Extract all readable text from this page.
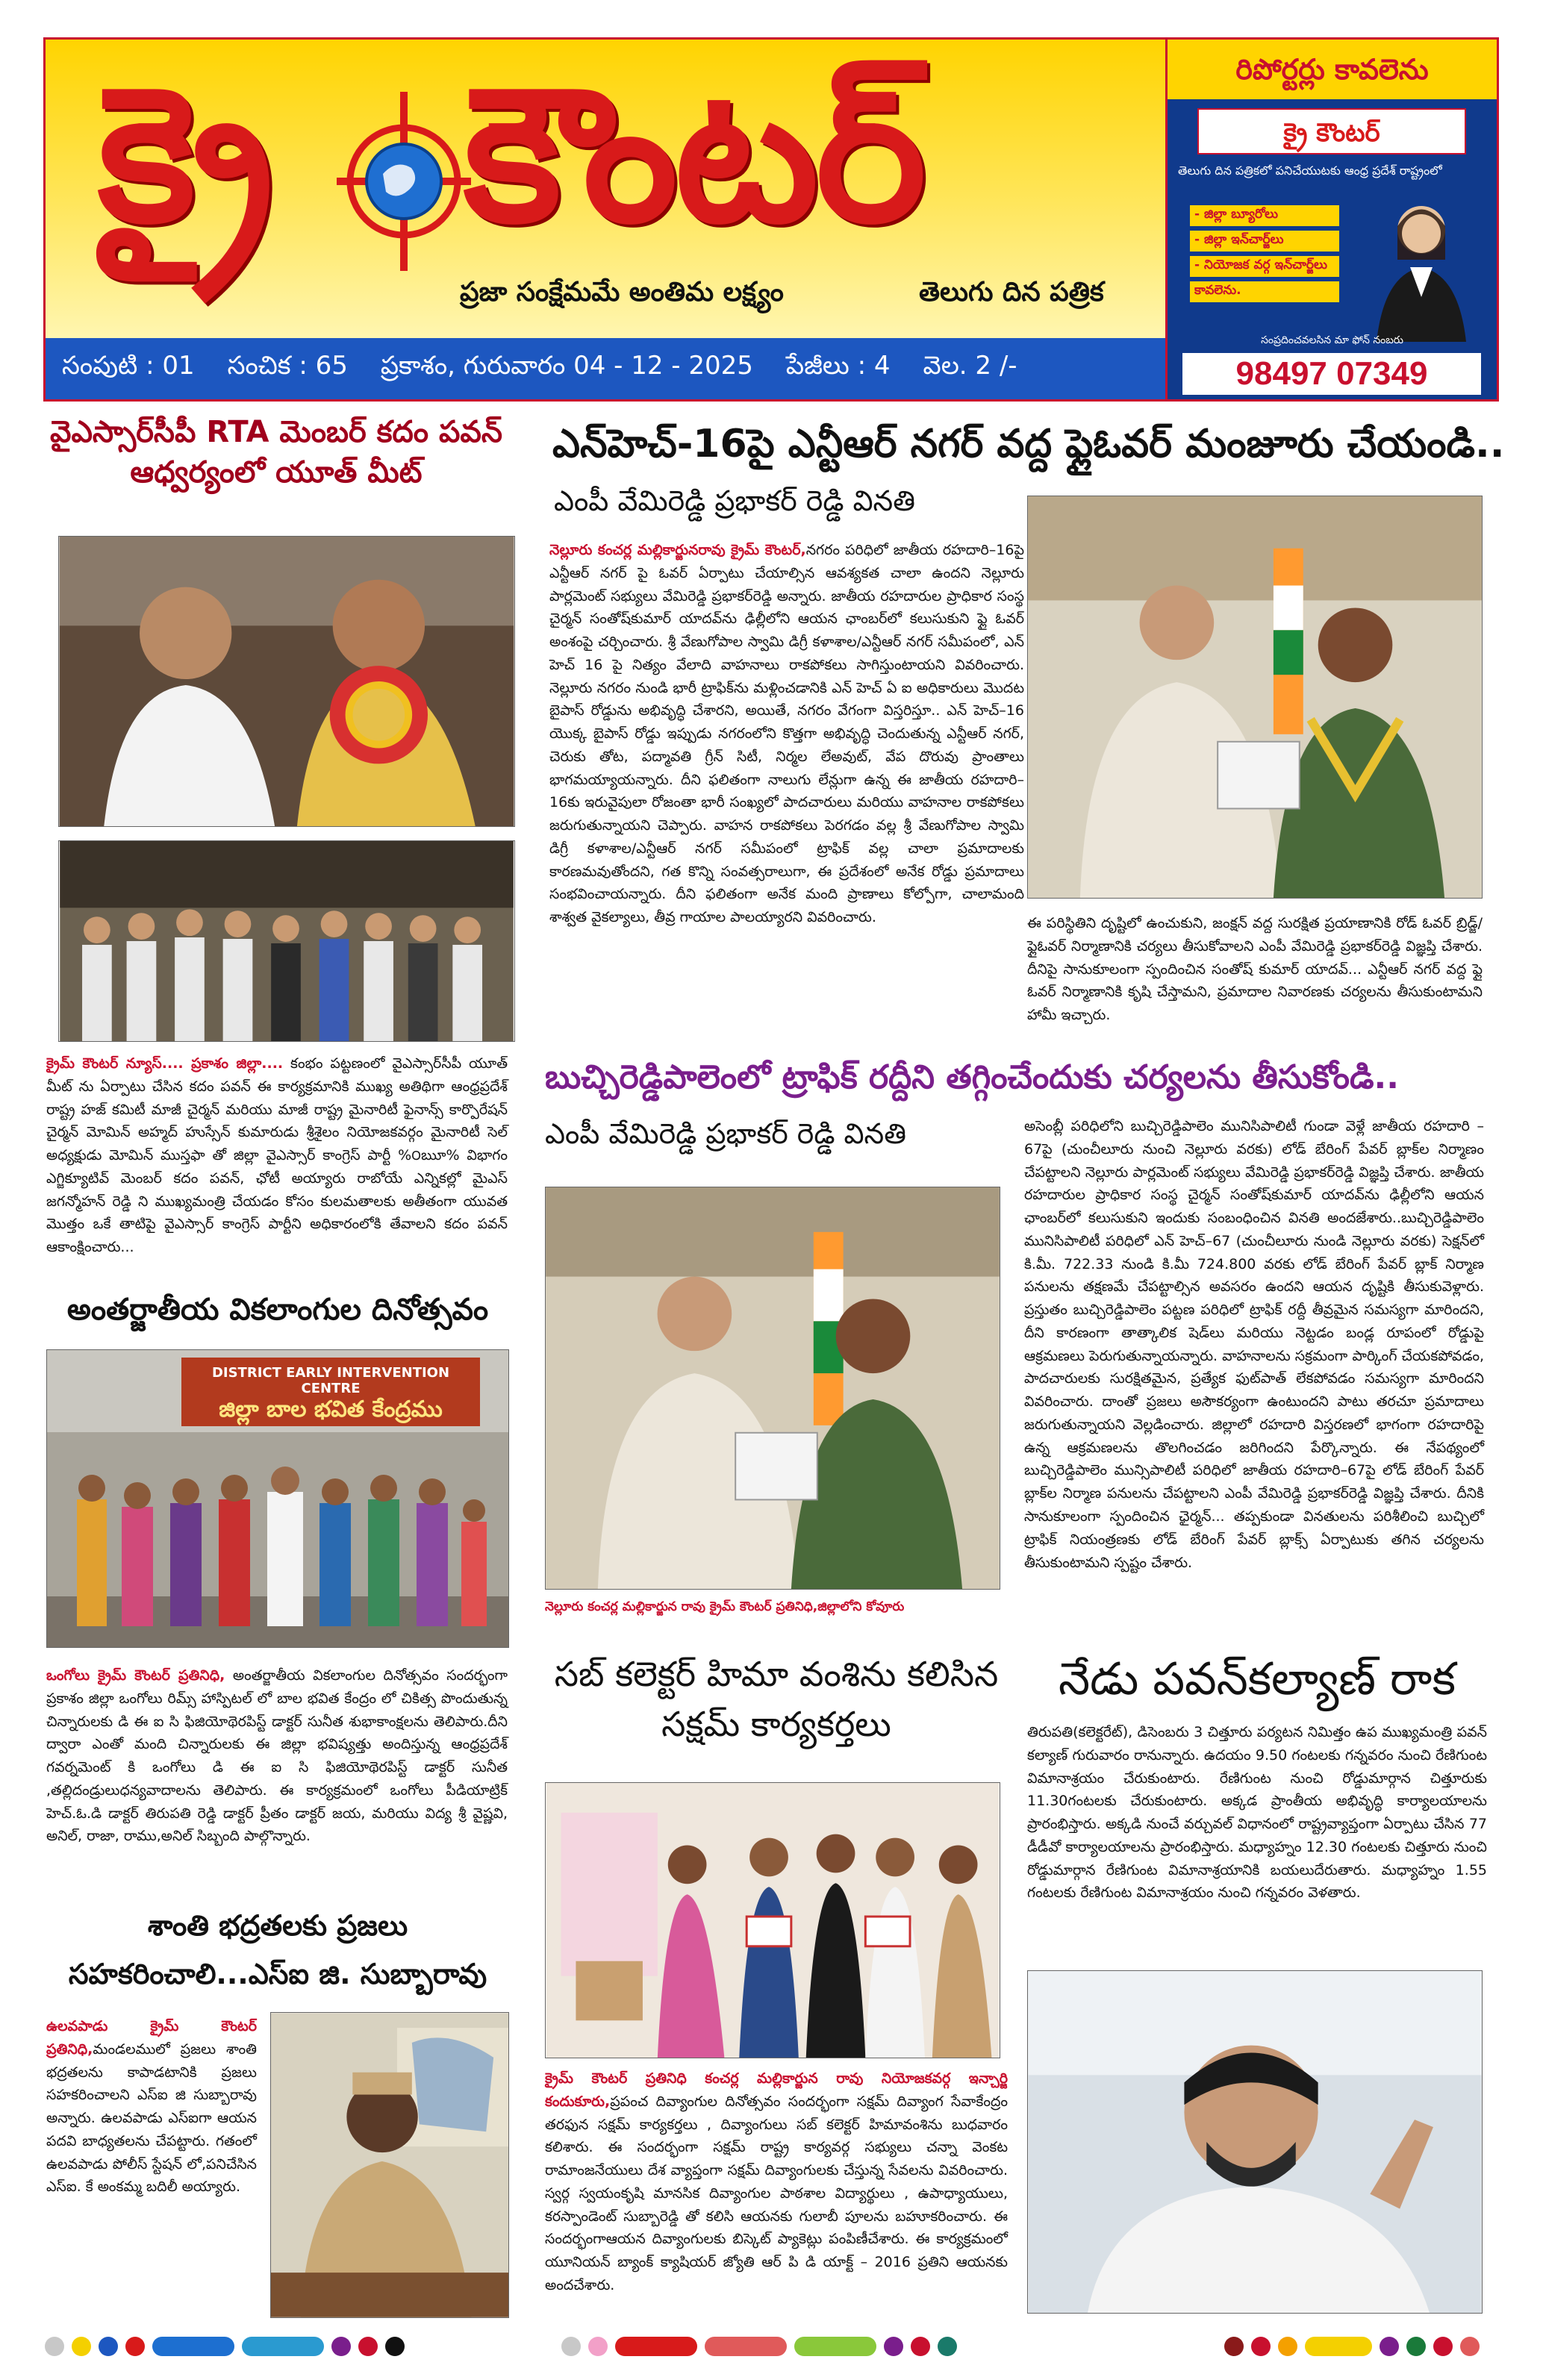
క్రై కౌంటర్
ప్రజా సంక్షేమమే అంతిమ లక్ష్యం	తెలుగు దిన పత్రిక
సంపుటి : 01	సంచిక : 65	ప్రకాశం, గురువారం 04 - 12 - 2025	పేజీలు : 4	వెల. 2 /-
రిపోర్టర్లు కావలెను
క్రై కౌంటర్
తెలుగు దిన పత్రికలో పనిచేయుటకు ఆంధ్ర ప్రదేశ్ రాష్ట్రంలో
- జిల్లా బ్యూరోలు
- జిల్లా ఇన్‌చార్జ్‌లు
- నియోజక వర్గ ఇన్‌చార్జ్‌లు
కావలెను.
సంప్రదించవలసిన మా ఫోన్ నంబరు
98497 07349
వైఎస్సార్‌సీపీ RTA మెంబర్ కదం పవన్ ఆధ్వర్యంలో యూత్ మీట్
క్రైమ్ కౌంటర్ న్యూస్.... ప్రకాశం జిల్లా.... కంభం పట్టణంలో వైఎస్సార్‌సీపీ యూత్ మీట్ ను ఏర్పాటు చేసిన కదం పవన్ ఈ కార్యక్రమానికి ముఖ్య అతిథిగా ఆంధ్రప్రదేశ్ రాష్ట్ర హజ్ కమిటీ మాజీ చైర్మన్ మరియు మాజీ రాష్ట్ర మైనారిటీ ఫైనాన్స్ కార్పొరేషన్ చైర్మన్ మోమిన్ అహ్మద్ హుస్సేన్ కుమారుడు శ్రీశైలం నియోజకవర్గం మైనారిటీ సెల్ అధ్యక్షుడు మోమిన్ ముస్తఫా తో జిల్లా వైఎస్సార్ కాంగ్రెస్ పార్టీ %౦ౠ% విభాగం ఎగ్జిక్యూటివ్ మెంబర్ కదం పవన్, ఛోటీ అయ్యారు రాబోయే ఎన్నికల్లో మైఎస్ జగన్మోహన్ రెడ్డి ని ముఖ్యమంత్రి చేయడం కోసం కులమతాలకు అతీతంగా యువత మొత్తం ఒకే తాటిపై వైఎస్సార్ కాంగ్రెస్ పార్టీని అధికారంలోకి తేవాలని కదం పవన్ ఆకాంక్షించారు...
అంతర్జాతీయ వికలాంగుల దినోత్సవం
DISTRICT EARLY INTERVENTION CENTRE
జిల్లా బాల భవిత కేంద్రము
ఒంగోలు క్రైమ్ కౌంటర్ ప్రతినిధి, అంతర్జాతీయ వికలాంగుల దినోత్సవం సందర్భంగా ప్రకాశం జిల్లా ఒంగోలు రిమ్స్ హాస్పిటల్ లో బాల భవిత కేంద్రం లో చికిత్స పొందుతున్న చిన్నారులకు డి ఈ ఐ సి ఫిజియోథెరపిస్ట్ డాక్టర్ సునీత శుభాకాంక్షలను తెలిపారు.దీని ద్వారా ఎంతో మంది చిన్నారులకు ఈ జిల్లా భవిష్యత్తు అందిస్తున్న ఆంధ్రప్రదేశ్ గవర్నమెంట్ కి ఒంగోలు డి ఈ ఐ సి ఫిజియోథెరపిస్ట్ డాక్టర్ సునీత ,తల్లిదండ్రులుధన్యవాదాలను తెలిపారు. ఈ కార్యక్రమంలో ఒంగోలు పీడియాట్రిక్ హెచ్.ఓ.డి డాక్టర్ తిరుపతి రెడ్డి డాక్టర్ ప్రీతం డాక్టర్ జయ, మరియు విద్య శ్రీ వైష్ణవి, అనిల్, రాజా, రాము,అనిల్ సిబ్బంది పాల్గొన్నారు.
శాంతి భద్రతలకు ప్రజలు సహకరించాలి...ఎస్ఐ జి. సుబ్బారావు
ఉలవపాడు క్రైమ్ కౌంటర్ ప్రతినిధి,మండలములో ప్రజలు శాంతి భద్రతలను కాపాడటానికి ప్రజలు సహకరించాలని ఎస్ఐ జి సుబ్బారావు అన్నారు. ఉలవపాడు ఎస్ఐగా ఆయన పదవి బాధ్యతలను చేపట్టారు. గతంలో ఉలవపాడు పోలీస్ స్టేషన్ లో,పనిచేసిన ఎస్ఐ. కే అంకమ్మ బదిలీ అయ్యారు.
ఎన్‌హెచ్-16పై ఎన్టీఆర్ నగర్ వద్ద ఫ్లైఓవర్ మంజూరు చేయండి..
ఎంపీ వేమిరెడ్డి ప్రభాకర్ రెడ్డి వినతి
నెల్లూరు కంచర్ల మల్లికార్జునరావు క్రైమ్ కౌంటర్,నగరం పరిధిలో జాతీయ రహదారి–16పై ఎన్టీఆర్ నగర్ పై ఓవర్ ఏర్పాటు చేయాల్సిన ఆవశ్యకత చాలా ఉందని నెల్లూరు పార్లమెంట్ సభ్యులు వేమిరెడ్డి ప్రభాకర్‌రెడ్డి అన్నారు. జాతీయ రహదారుల ప్రాధికార సంస్థ చైర్మన్ సంతోష్‌కుమార్ యాదవ్‌ను ఢిల్లీలోని ఆయన ఛాంబర్‌లో కలుసుకుని ఫ్లై ఓవర్ అంశంపై చర్చించారు. శ్రీ వేణుగోపాల స్వామి డిగ్రీ కళాశాల/ఎన్టీఆర్ నగర్ సమీపంలో, ఎన్ హెచ్ 16 పై నిత్యం వేలాది వాహనాలు రాకపోకలు సాగిస్తుంటాయని వివరించారు. నెల్లూరు నగరం నుండి భారీ ట్రాఫిక్‌ను మళ్లించడానికి ఎన్ హెచ్ ఏ ఐ అధికారులు మొదట బైపాస్ రోడ్డును అభివృద్ధి చేశారని, అయితే, నగరం వేగంగా విస్తరిస్తూ.. ఎన్ హెచ్–16 యొక్క బైపాస్ రోడ్డు ఇప్పుడు నగరంలోని కొత్తగా అభివృద్ధి చెందుతున్న ఎన్టీఆర్ నగర్, చెరుకు తోట, పద్మావతి గ్రీన్ సిటీ, నిర్మల లేఅవుట్, వేప దొరువు ప్రాంతాలు భాగమయ్యాయన్నారు. దీని ఫలితంగా నాలుగు లేన్లుగా ఉన్న ఈ జాతీయ రహదారి–16కు ఇరువైపులా రోజంతా భారీ సంఖ్యలో పాదచారులు మరియు వాహనాల రాకపోకలు జరుగుతున్నాయని చెప్పారు. వాహన రాకపోకలు పెరగడం వల్ల శ్రీ వేణుగోపాల స్వామి డిగ్రీ కళాశాల/ఎన్టీఆర్ నగర్ సమీపంలో ట్రాఫిక్ వల్ల చాలా ప్రమాదాలకు కారణమవుతోందని, గత కొన్ని సంవత్సరాలుగా, ఈ ప్రదేశంలో అనేక రోడ్డు ప్రమాదాలు సంభవించాయన్నారు. దీని ఫలితంగా అనేక మంది ప్రాణాలు కోల్పోగా, చాలామంది శాశ్వత వైకల్యాలు, తీవ్ర గాయాల పాలయ్యారని వివరించారు.	ఈ పరిస్థితిని దృష్టిలో ఉంచుకుని, జంక్షన్ వద్ద సురక్షిత ప్రయాణానికి రోడ్ ఓవర్ బ్రిడ్జ్/ఫ్లైఓవర్ నిర్మాణానికి చర్యలు తీసుకోవాలని ఎంపీ వేమిరెడ్డి ప్రభాకర్‌రెడ్డి విజ్ఞప్తి చేశారు. దీనిపై సానుకూలంగా స్పందించిన సంతోష్ కుమార్ యాదవ్... ఎన్టీఆర్ నగర్ వద్ద ఫ్లై ఓవర్ నిర్మాణానికి కృషి చేస్తామని, ప్రమాదాల నివారణకు చర్యలను తీసుకుంటామని హామీ ఇచ్చారు.
బుచ్చిరెడ్డిపాలెంలో ట్రాఫిక్ రద్దీని తగ్గించేందుకు చర్యలను తీసుకోండి..
ఎంపీ వేమిరెడ్డి ప్రభాకర్ రెడ్డి వినతి
నెల్లూరు కంచర్ల మల్లికార్జున రావు క్రైమ్ కౌంటర్ ప్రతినిధి,జిల్లాలోని కోవూరు
అసెంబ్లీ పరిధిలోని బుచ్చిరెడ్డిపాలెం మునిసిపాలిటీ గుండా వెళ్లే జాతీయ రహదారి –67పై (చుంచీలూరు నుంచి నెల్లూరు వరకు) లోడ్ బేరింగ్ పేవర్ బ్లాక్‌ల నిర్మాణం చేపట్టాలని నెల్లూరు పార్లమెంట్ సభ్యులు వేమిరెడ్డి ప్రభాకర్‌రెడ్డి విజ్ఞప్తి చేశారు. జాతీయ రహదారుల ప్రాధికార సంస్థ చైర్మన్ సంతోష్‌కుమార్ యాదవ్‌ను ఢిల్లీలోని ఆయన ఛాంబర్‌లో కలుసుకుని ఇందుకు సంబంధించిన వినతి అందజేశారు..బుచ్చిరెడ్డిపాలెం మునిసిపాలిటీ పరిధిలో ఎన్ హెచ్–67 (చుంచీలూరు నుండి నెల్లూరు వరకు) సెక్షన్‌లో కి.మీ. 722.33 నుండి కి.మీ 724.800 వరకు లోడ్ బేరింగ్ పేవర్ బ్లాక్ నిర్మాణ పనులను తక్షణమే చేపట్టాల్సిన అవసరం ఉందని ఆయన దృష్టికి తీసుకువెళ్లారు. ప్రస్తుతం బుచ్చిరెడ్డిపాలెం పట్టణ పరిధిలో ట్రాఫిక్ రద్దీ తీవ్రమైన సమస్యగా మారిందని, దీని కారణంగా తాత్కాలిక షెడ్‌లు మరియు నెట్టడం బండ్ల రూపంలో రోడ్డుపై ఆక్రమణలు పెరుగుతున్నాయన్నారు. వాహనాలను సక్రమంగా పార్కింగ్ చేయకపోవడం, పాదచారులకు సురక్షితమైన, ప్రత్యేక ఫుట్‌పాత్ లేకపోవడం సమస్యగా మారిందని వివరించారు. దాంతో ప్రజలు అసౌకర్యంగా ఉంటుందని పాటు తరచూ ప్రమాదాలు జరుగుతున్నాయని వెల్లడించారు. జిల్లాలో రహదారి విస్తరణలో భాగంగా రహదారిపై ఉన్న ఆక్రమణలను తొలగించడం జరిగిందని పేర్కొన్నారు. ఈ నేపథ్యంలో బుచ్చిరెడ్డిపాలెం మున్సిపాలిటీ పరిధిలో జాతీయ రహదారి–67పై లోడ్ బేరింగ్ పేవర్ బ్లాక్‌ల నిర్మాణ పనులను చేపట్టాలని ఎంపీ వేమిరెడ్డి ప్రభాకర్‌రెడ్డి విజ్ఞప్తి చేశారు. దీనికి సానుకూలంగా స్పందించిన ఛైర్మన్... తప్పకుండా వినతులను పరిశీలించి బుచ్చిలో ట్రాఫిక్ నియంత్రణకు లోడ్ బేరింగ్ పేవర్ బ్లాక్స్ ఏర్పాటుకు తగిన చర్యలను తీసుకుంటామని స్పష్టం చేశారు.
సబ్ కలెక్టర్ హిమా వంశిను కలిసిన సక్షమ్ కార్యకర్తలు
క్రైమ్ కౌంటర్ ప్రతినిధి కంచర్ల మల్లికార్జున రావు నియోజకవర్గ ఇన్చార్జి కందుకూరు,ప్రపంచ దివ్యాంగుల దినోత్సవం సందర్భంగా సక్షమ్ దివ్యాంగ సేవాకేంద్రం తరఫున సక్షమ్ కార్యకర్తలు , దివ్యాంగులు సబ్ కలెక్టర్ హిమావంశిను బుధవారం కలిశారు. ఈ సందర్భంగా సక్షమ్ రాష్ట్ర కార్యవర్గ సభ్యులు చన్నా వెంకట రామాంజనేయులు దేశ వ్యాప్తంగా సక్షమ్ దివ్యాంగులకు చేస్తున్న సేవలను వివరించారు. స్వర్గ స్వయంకృషి మానసిక దివ్యాంగుల పాఠశాల విద్యార్థులు , ఉపాధ్యాయులు, కరస్పాండెంట్ సుబ్బారెడ్డి తో కలిసి ఆయనకు గులాబీ పూలను బహూకరించారు. ఈ సందర్భంగాఆయన దివ్యాంగులకు బిస్కెట్ ప్యాకెట్లు పంపిణీచేశారు. ఈ కార్యక్రమంలో యూనియన్ బ్యాంక్ క్యాషియర్ జ్యోతి ఆర్ పి డి యాక్ట్ – 2016 ప్రతిని ఆయనకు అందచేశారు.
నేడు పవన్‌కల్యాణ్ రాక
తిరుపతి(కలెక్టరేట్), డిసెంబరు 3 చిత్తూరు పర్యటన నిమిత్తం ఉప ముఖ్యమంత్రి పవన్ కల్యాణ్ గురువారం రానున్నారు. ఉదయం 9.50 గంటలకు గన్నవరం నుంచి రేణిగుంట విమానాశ్రయం చేరుకుంటారు. రేణిగుంట నుంచి రోడ్డుమార్గాన చిత్తూరుకు 11.30గంటలకు చేరుకుంటారు. అక్కడ ప్రాంతీయ అభివృద్ధి కార్యాలయాలను ప్రారంభిస్తారు. అక్కడి నుంచే వర్చువల్ విధానంలో రాష్ట్రవ్యాప్తంగా ఏర్పాటు చేసిన 77 డీడీవో కార్యాలయాలను ప్రారంభిస్తారు. మధ్యాహ్నం 12.30 గంటలకు చిత్తూరు నుంచి రోడ్డుమార్గాన రేణిగుంట విమానాశ్రయానికి బయలుదేరుతారు. మధ్యాహ్నం 1.55 గంటలకు రేణిగుంట విమానాశ్రయం నుంచి గన్నవరం వెళతారు.
